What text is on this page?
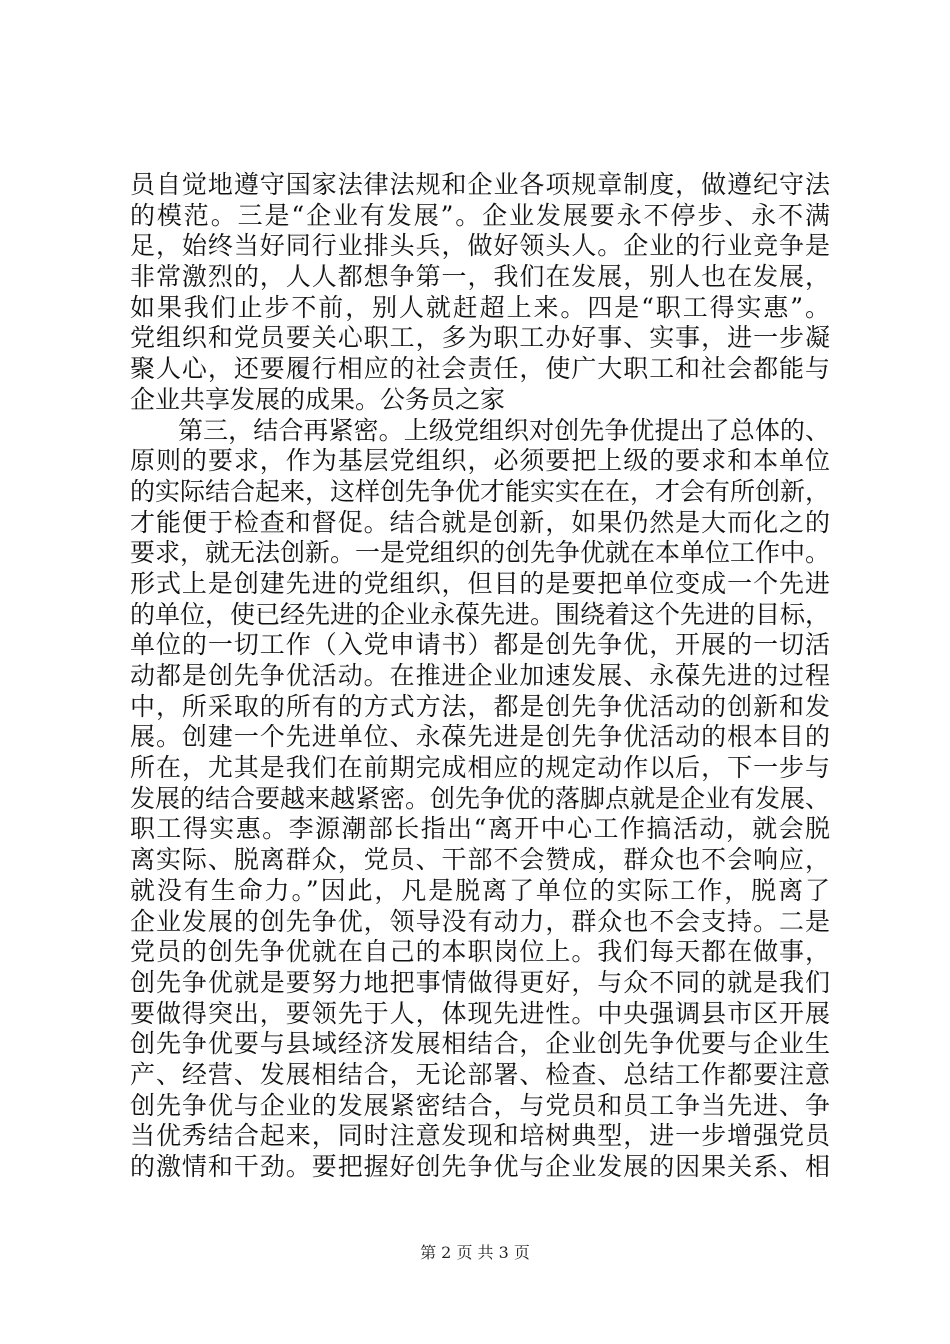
员自觉地遵守国家法律法规和企业各项规章制度，做遵纪守法
的模范。三是“企业有发展”。企业发展要永不停步、永不满
足，始终当好同行业排头兵，做好领头人。企业的行业竞争是
非常激烈的，人人都想争第一，我们在发展，别人也在发展，
如果我们止步不前，别人就赶超上来。四是“职工得实惠”。
党组织和党员要关心职工，多为职工办好事、实事，进一步凝
聚人心，还要履行相应的社会责任，使广大职工和社会都能与
企业共享发展的成果。公务员之家
第三，结合再紧密。上级党组织对创先争优提出了总体的、
原则的要求，作为基层党组织，必须要把上级的要求和本单位
的实际结合起来，这样创先争优才能实实在在，才会有所创新，
才能便于检查和督促。结合就是创新，如果仍然是大而化之的
要求，就无法创新。一是党组织的创先争优就在本单位工作中。
形式上是创建先进的党组织，但目的是要把单位变成一个先进
的单位，使已经先进的企业永葆先进。围绕着这个先进的目标，
单位的一切工作（入党申请书）都是创先争优，开展的一切活
动都是创先争优活动。在推进企业加速发展、永葆先进的过程
中，所采取的所有的方式方法，都是创先争优活动的创新和发
展。创建一个先进单位、永葆先进是创先争优活动的根本目的
所在，尤其是我们在前期完成相应的规定动作以后，下一步与
发展的结合要越来越紧密。创先争优的落脚点就是企业有发展、
职工得实惠。李源潮部长指出“离开中心工作搞活动，就会脱
离实际、脱离群众，党员、干部不会赞成，群众也不会响应，
就没有生命力。”因此，凡是脱离了单位的实际工作，脱离了
企业发展的创先争优，领导没有动力，群众也不会支持。二是
党员的创先争优就在自己的本职岗位上。我们每天都在做事，
创先争优就是要努力地把事情做得更好，与众不同的就是我们
要做得突出，要领先于人，体现先进性。中央强调县市区开展
创先争优要与县域经济发展相结合，企业创先争优要与企业生
产、经营、发展相结合，无论部署、检查、总结工作都要注意
创先争优与企业的发展紧密结合，与党员和员工争当先进、争
当优秀结合起来，同时注意发现和培树典型，进一步增强党员
的激情和干劲。要把握好创先争优与企业发展的因果关系、相
第 2 页 共 3 页
